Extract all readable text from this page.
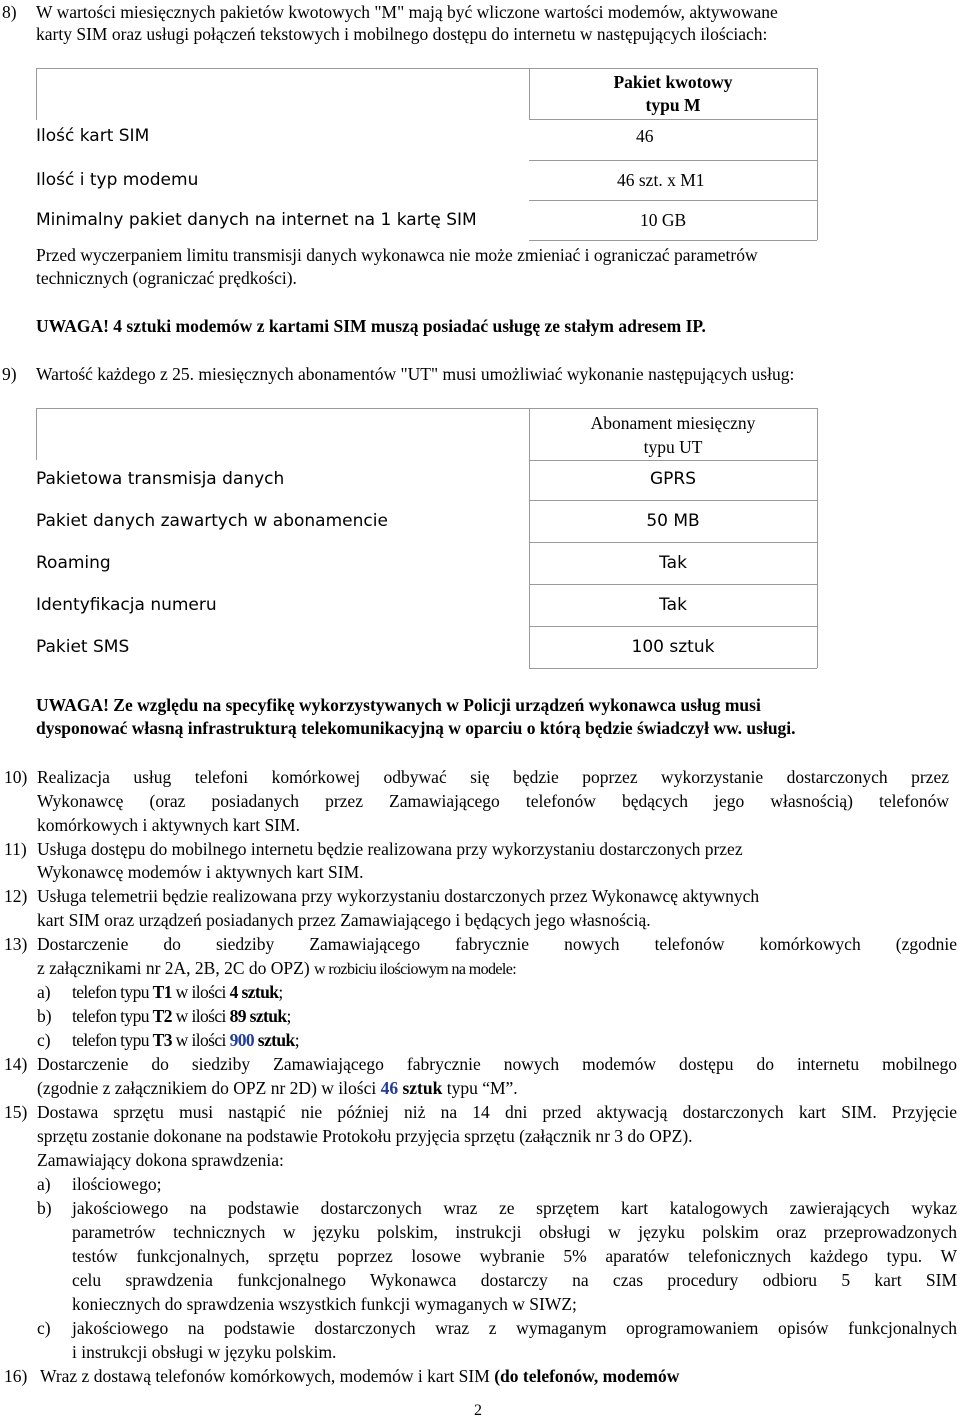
8) W wartości miesięcznych pakietów kwotowych "M" mają być wliczone wartości modemów, aktywowane
karty SIM oraz usługi połączeń tekstowych i mobilnego dostępu do internetu w następujących ilościach:
Pakiet kwotowy
typu M
Ilość kart SIM	46
Ilość i typ modemu	46 szt. x M1
Minimalny pakiet danych na internet na 1 kartę SIM	10 GB
Przed wyczerpaniem limitu transmisji danych wykonawca nie może zmieniać i ograniczać parametrów
technicznych (ograniczać prędkości).
UWAGA! 4 sztuki modemów z kartami SIM muszą posiadać usługę ze stałym adresem IP.
9) Wartość każdego z 25. miesięcznych abonamentów "UT" musi umożliwiać wykonanie następujących usług:
Abonament miesięczny
typu UT
Pakietowa transmisja danych	GPRS
Pakiet danych zawartych w abonamencie	50 MB
Roaming	Tak
Identyfikacja numeru	Tak
Pakiet SMS	100 sztuk
UWAGA! Ze względu na specyfikę wykorzystywanych w Policji urządzeń wykonawca usług musi
dysponować własną infrastrukturą telekomunikacyjną w oparciu o którą będzie świadczył ww. usługi.
10) Realizacja usług telefoni komórkowej odbywać się będzie poprzez wykorzystanie dostarczonych przez
Wykonawcę (oraz posiadanych przez Zamawiającego telefonów będących jego własnością) telefonów
komórkowych i aktywnych kart SIM.
11) Usługa dostępu do mobilnego internetu będzie realizowana przy wykorzystaniu dostarczonych przez
Wykonawcę modemów i aktywnych kart SIM.
12) Usługa telemetrii będzie realizowana przy wykorzystaniu dostarczonych przez Wykonawcę aktywnych
kart SIM oraz urządzeń posiadanych przez Zamawiającego i będących jego własnością.
13) Dostarczenie do siedziby Zamawiającego fabrycznie nowych telefonów komórkowych (zgodnie
z załącznikami nr 2A, 2B, 2C do OPZ) w rozbiciu ilościowym na modele:
a) telefon typu T1 w ilości 4 sztuk;
b) telefon typu T2 w ilości 89 sztuk;
c) telefon typu T3 w ilości 900 sztuk;
14) Dostarczenie do siedziby Zamawiającego fabrycznie nowych modemów dostępu do internetu mobilnego
(zgodnie z załącznikiem do OPZ nr 2D) w ilości 46 sztuk typu “M”.
15) Dostawa sprzętu musi nastąpić nie później niż na 14 dni przed aktywacją dostarczonych kart SIM. Przyjęcie
sprzętu zostanie dokonane na podstawie Protokołu przyjęcia sprzętu (załącznik nr 3 do OPZ).
Zamawiający dokona sprawdzenia:
a) ilościowego;
b) jakościowego na podstawie dostarczonych wraz ze sprzętem kart katalogowych zawierających wykaz
parametrów technicznych w języku polskim, instrukcji obsługi w języku polskim oraz przeprowadzonych
testów funkcjonalnych, sprzętu poprzez losowe wybranie 5% aparatów telefonicznych każdego typu. W
celu sprawdzenia funkcjonalnego Wykonawca dostarczy na czas procedury odbioru 5 kart SIM
koniecznych do sprawdzenia wszystkich funkcji wymaganych w SIWZ;
c) jakościowego na podstawie dostarczonych wraz z wymaganym oprogramowaniem opisów funkcjonalnych
i instrukcji obsługi w języku polskim.
16) Wraz z dostawą telefonów komórkowych, modemów i kart SIM (do telefonów, modemów
2
